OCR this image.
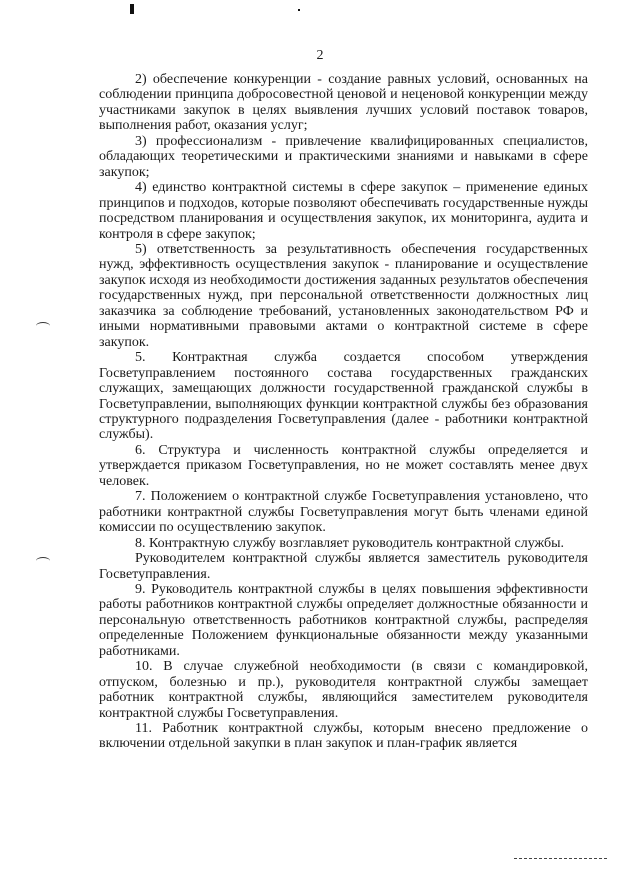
2

2) обеспечение конкуренции - создание равных условий, основанных на соблюдении принципа добросовестной ценовой и неценовой конкуренции между участниками закупок в целях выявления лучших условий поставок товаров, выполнения работ, оказания услуг;

3) профессионализм - привлечение квалифицированных специалистов, обладающих теоретическими и практическими знаниями и навыками в сфере закупок;

4) единство контрактной системы в сфере закупок – применение единых принципов и подходов, которые позволяют обеспечивать государственные нужды посредством планирования и осуществления закупок, их мониторинга, аудита и контроля в сфере закупок;

5) ответственность за результативность обеспечения государственных нужд, эффективность осуществления закупок - планирование и осуществление закупок исходя из необходимости достижения заданных результатов обеспечения государственных нужд, при персональной ответственности должностных лиц заказчика за соблюдение требований, установленных законодательством РФ и иными нормативными правовыми актами о контрактной системе в сфере закупок.

5. Контрактная служба создается способом утверждения Госветуправлением постоянного состава государственных гражданских служащих, замещающих должности государственной гражданской службы в Госветуправлении, выполняющих функции контрактной службы без образования структурного подразделения Госветуправления (далее - работники контрактной службы).

6. Структура и численность контрактной службы определяется и утверждается приказом Госветуправления, но не может составлять менее двух человек.

7. Положением о контрактной службе Госветуправления установлено, что работники контрактной службы Госветуправления могут быть членами единой комиссии по осуществлению закупок.

8. Контрактную службу возглавляет руководитель контрактной службы.

Руководителем контрактной службы является заместитель руководителя Госветуправления.

9. Руководитель контрактной службы в целях повышения эффективности работы работников контрактной службы определяет должностные обязанности и персональную ответственность работников контрактной службы, распределяя определенные Положением функциональные обязанности между указанными работниками.

10. В случае служебной необходимости (в связи с командировкой, отпуском, болезнью и пр.), руководителя контрактной службы замещает работник контрактной службы, являющийся заместителем руководителя контрактной службы Госветуправления.

11. Работник контрактной службы, которым внесено предложение о включении отдельной закупки в план закупок и план-график является
